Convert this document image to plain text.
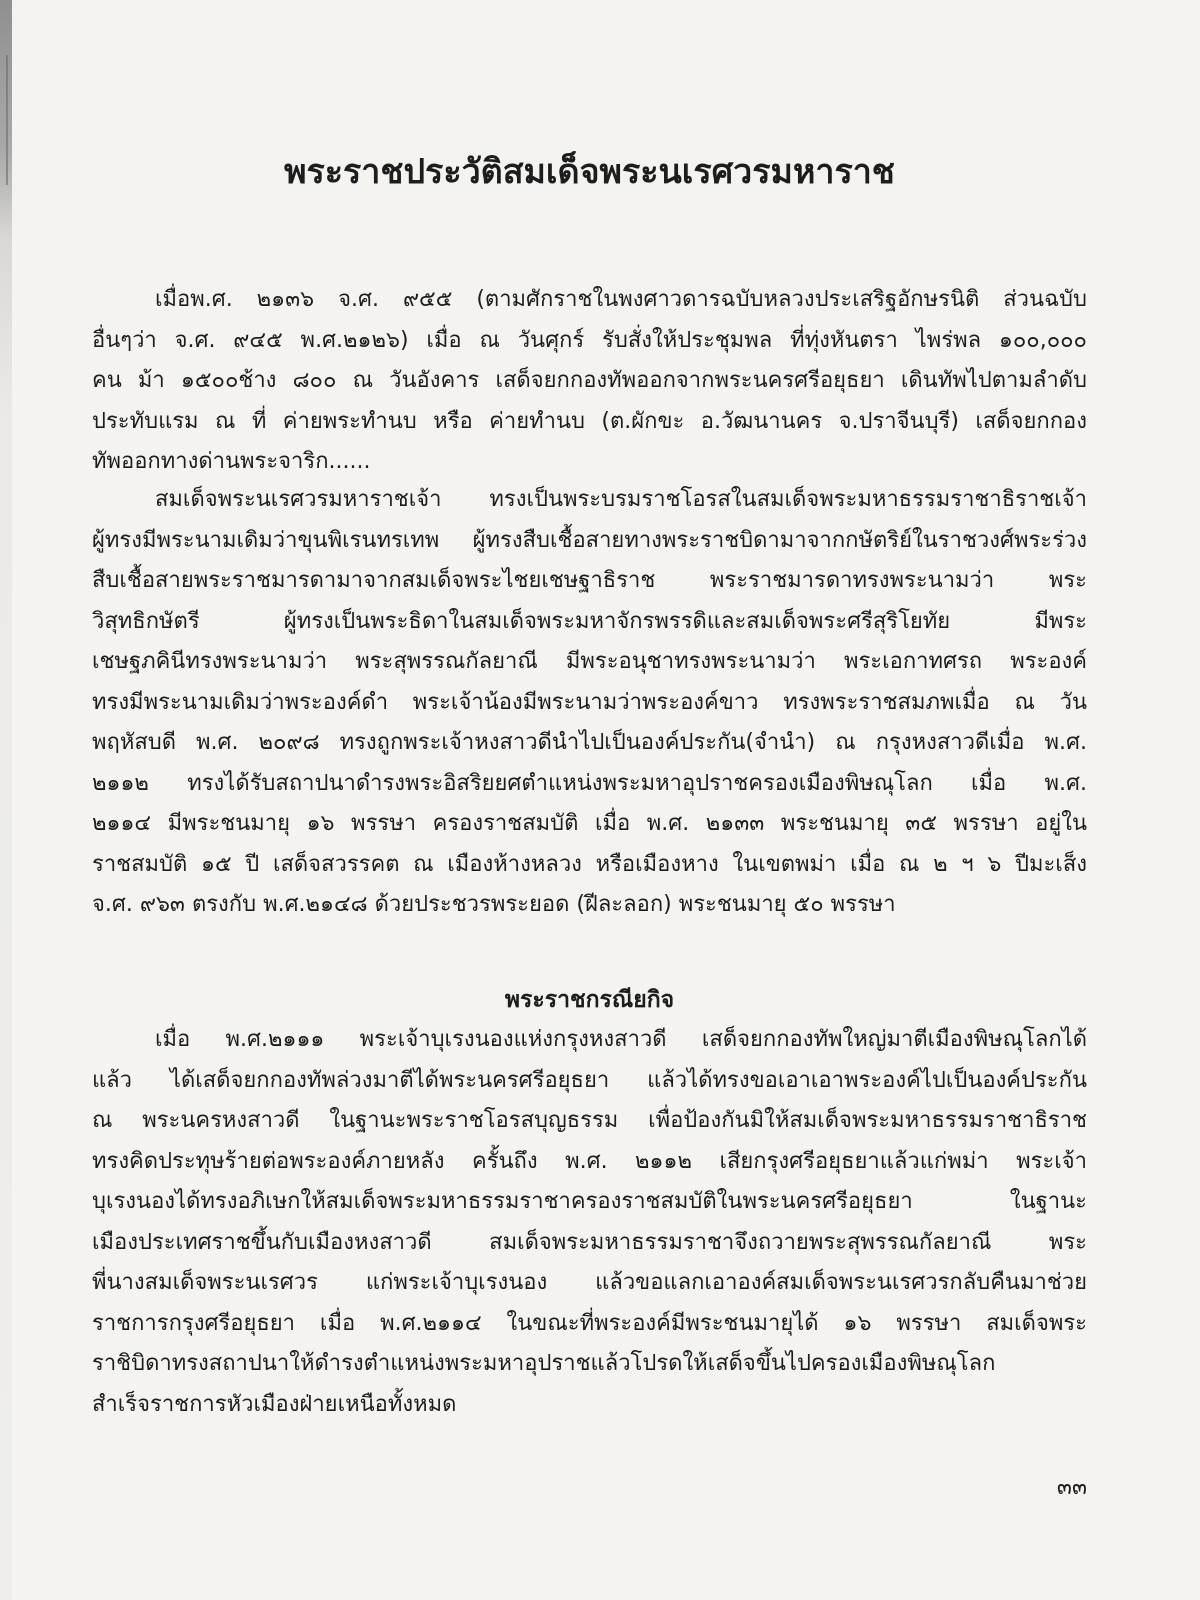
พระราชประวัติสมเด็จพระนเรศวรมหาราช
เมื่อพ.ศ. ๒๑๓๖ จ.ศ. ๙๕๕ (ตามศักราชในพงศาวดารฉบับหลวงประเสริฐอักษรนิติ ส่วนฉบับ
อื่นๆว่า จ.ศ. ๙๔๕ พ.ศ.๒๑๒๖) เมื่อ ณ วันศุกร์ รับสั่งให้ประชุมพล ที่ทุ่งหันตรา ไพร่พล ๑๐๐,๐๐๐
คน ม้า ๑๕๐๐ช้าง ๘๐๐ ณ วันอังคาร เสด็จยกกองทัพออกจากพระนครศรีอยุธยา เดินทัพไปตามลำดับ
ประทับแรม ณ ที่ ค่ายพระทำนบ หรือ ค่ายทำนบ (ต.ผักขะ อ.วัฒนานคร จ.ปราจีนบุรี) เสด็จยกกอง
ทัพออกทางด่านพระจาริก......
สมเด็จพระนเรศวรมหาราชเจ้า ทรงเป็นพระบรมราชโอรสในสมเด็จพระมหาธรรมราชาธิราชเจ้า
ผู้ทรงมีพระนามเดิมว่าขุนพิเรนทรเทพ ผู้ทรงสืบเชื้อสายทางพระราชบิดามาจากกษัตริย์ในราชวงศ์พระร่วง
สืบเชื้อสายพระราชมารดามาจากสมเด็จพระไชยเชษฐาธิราช พระราชมารดาทรงพระนามว่า พระ
วิสุทธิกษัตรี ผู้ทรงเป็นพระธิดาในสมเด็จพระมหาจักรพรรดิและสมเด็จพระศรีสุริโยทัย มีพระ
เชษฐภคินีทรงพระนามว่า พระสุพรรณกัลยาณี มีพระอนุชาทรงพระนามว่า พระเอกาทศรถ พระองค์
ทรงมีพระนามเดิมว่าพระองค์ดำ พระเจ้าน้องมีพระนามว่าพระองค์ขาว ทรงพระราชสมภพเมื่อ ณ วัน
พฤหัสบดี พ.ศ. ๒๐๙๘ ทรงถูกพระเจ้าหงสาวดีนำไปเป็นองค์ประกัน(จำนำ) ณ กรุงหงสาวดีเมื่อ พ.ศ.
๒๑๑๒ ทรงได้รับสถาปนาดำรงพระอิสริยยศตำแหน่งพระมหาอุปราชครองเมืองพิษณุโลก เมื่อ พ.ศ.
๒๑๑๔ มีพระชนมายุ ๑๖ พรรษา ครองราชสมบัติ เมื่อ พ.ศ. ๒๑๓๓ พระชนมายุ ๓๕ พรรษา อยู่ใน
ราชสมบัติ ๑๕ ปี เสด็จสวรรคต ณ เมืองห้างหลวง หรือเมืองหาง ในเขตพม่า เมื่อ ณ ๒ ฯ ๖ ปีมะเส็ง
จ.ศ. ๙๖๓ ตรงกับ พ.ศ.๒๑๔๘ ด้วยประชวรพระยอด (ฝีละลอก) พระชนมายุ ๕๐ พรรษา
พระราชกรณียกิจ
เมื่อ พ.ศ.๒๑๑๑ พระเจ้าบุเรงนองแห่งกรุงหงสาวดี เสด็จยกกองทัพใหญ่มาตีเมืองพิษณุโลกได้
แล้ว ได้เสด็จยกกองทัพล่วงมาตีได้พระนครศรีอยุธยา แล้วได้ทรงขอเอาเอาพระองค์ไปเป็นองค์ประกัน
ณ พระนครหงสาวดี ในฐานะพระราชโอรสบุญธรรม เพื่อป้องกันมิให้สมเด็จพระมหาธรรมราชาธิราช
ทรงคิดประทุษร้ายต่อพระองค์ภายหลัง ครั้นถึง พ.ศ. ๒๑๑๒ เสียกรุงศรีอยุธยาแล้วแก่พม่า พระเจ้า
บุเรงนองได้ทรงอภิเษกให้สมเด็จพระมหาธรรมราชาครองราชสมบัติในพระนครศรีอยุธยา ในฐานะ
เมืองประเทศราชขึ้นกับเมืองหงสาวดี สมเด็จพระมหาธรรมราชาจึงถวายพระสุพรรณกัลยาณี พระ
พี่นางสมเด็จพระนเรศวร แก่พระเจ้าบุเรงนอง แล้วขอแลกเอาองค์สมเด็จพระนเรศวรกลับคืนมาช่วย
ราชการกรุงศรีอยุธยา เมื่อ พ.ศ.๒๑๑๔ ในขณะที่พระองค์มีพระชนมายุได้ ๑๖ พรรษา สมเด็จพระ
ราชิบิดาทรงสถาปนาให้ดำรงตำแหน่งพระมหาอุปราชแล้วโปรดให้เสด็จขึ้นไปครองเมืองพิษณุโลก
สำเร็จราชการหัวเมืองฝ่ายเหนือทั้งหมด
๓๓
